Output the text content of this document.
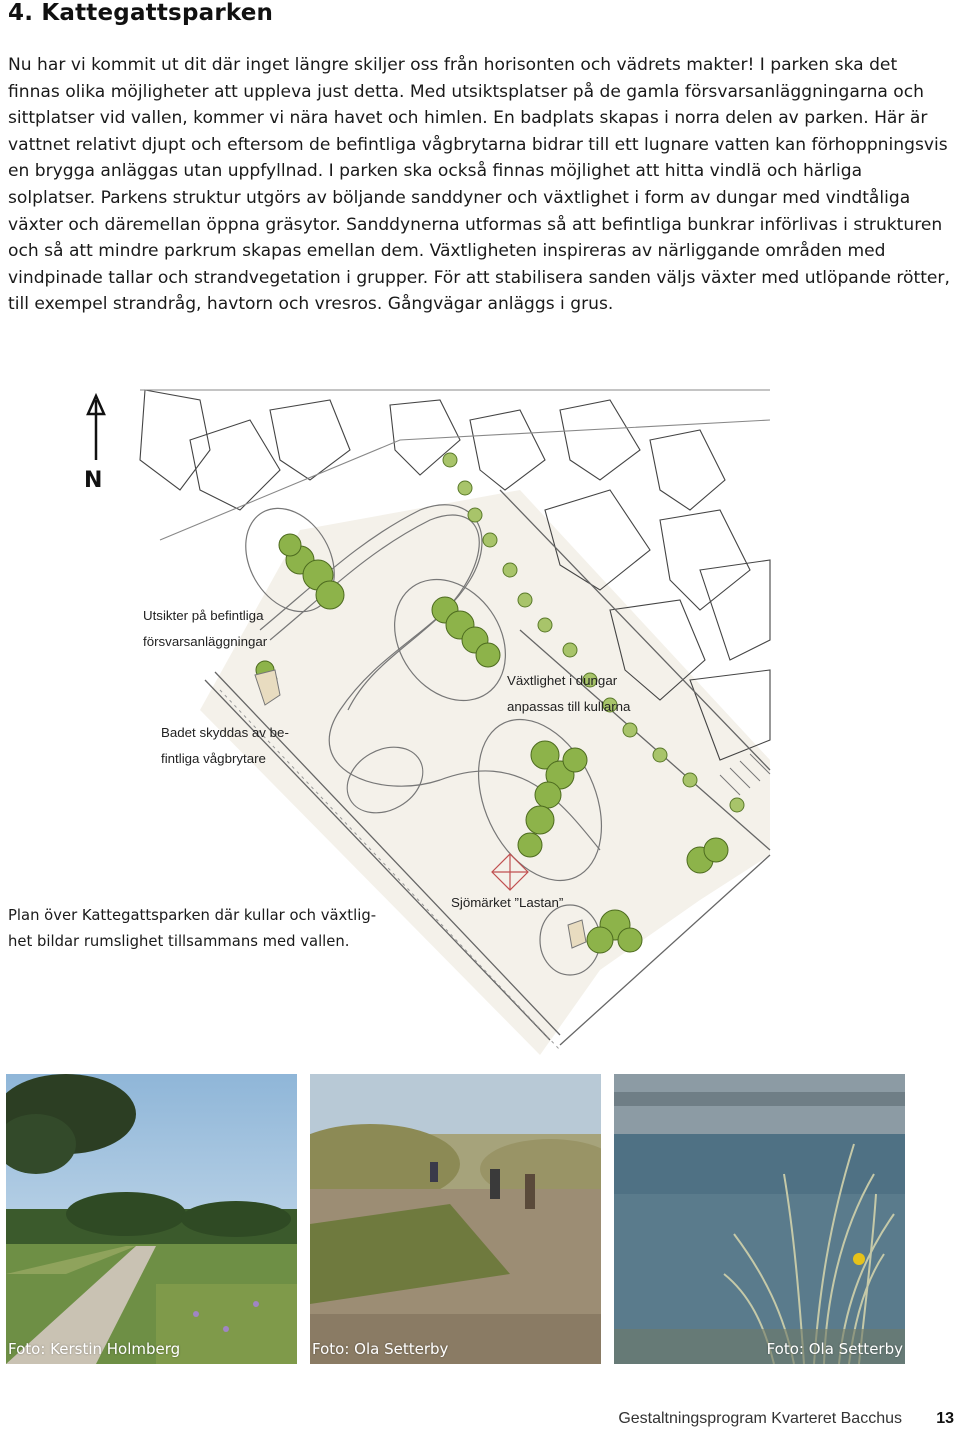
4. Kattegattsparken

Nu har vi kommit ut dit där inget längre skiljer oss från horisonten och vädrets makter! I parken ska det finnas olika möjligheter att uppleva just detta. Med utsiktsplatser på de gamla försvarsanläggningarna och sittplatser vid vallen, kommer vi nära havet och himlen. En badplats skapas i norra delen av parken. Här är vattnet relativt djupt och eftersom de befintliga vågbrytarna bidrar till ett lugnare vatten kan förhoppningsvis en brygga anläggas utan uppfyllnad. I parken ska också finnas möjlighet att hitta vindlä och härliga solplatser. Parkens struktur utgörs av böljande sanddyner och växtlighet i form av dungar med vindtåliga växter och däremellan öppna gräsytor. Sanddynerna utformas så att befintliga bunkrar införlivas i strukturen och så att mindre parkrum skapas emellan dem. Växtligheten inspireras av närliggande områden med vindpinade tallar och strandvegetation i grupper. För att stabilisera sanden väljs växter med utlöpande rötter, till exempel strandråg, havtorn och vresros. Gångvägar anläggs i grus.

N
Utsikter på befintliga
försvarsanläggningar
Växtlighet i dungar
anpassas till kullarna
Badet skyddas av be-
fintliga vågbrytare
Sjömärket ”Lastan”
Plan över Kattegattsparken där kullar och växtlig-
het bildar rumslighet tillsammans med vallen.
Foto: Kerstin Holmberg	Foto: Ola Setterby	Foto: Ola Setterby
Gestaltningsprogram Kvarteret Bacchus 13
